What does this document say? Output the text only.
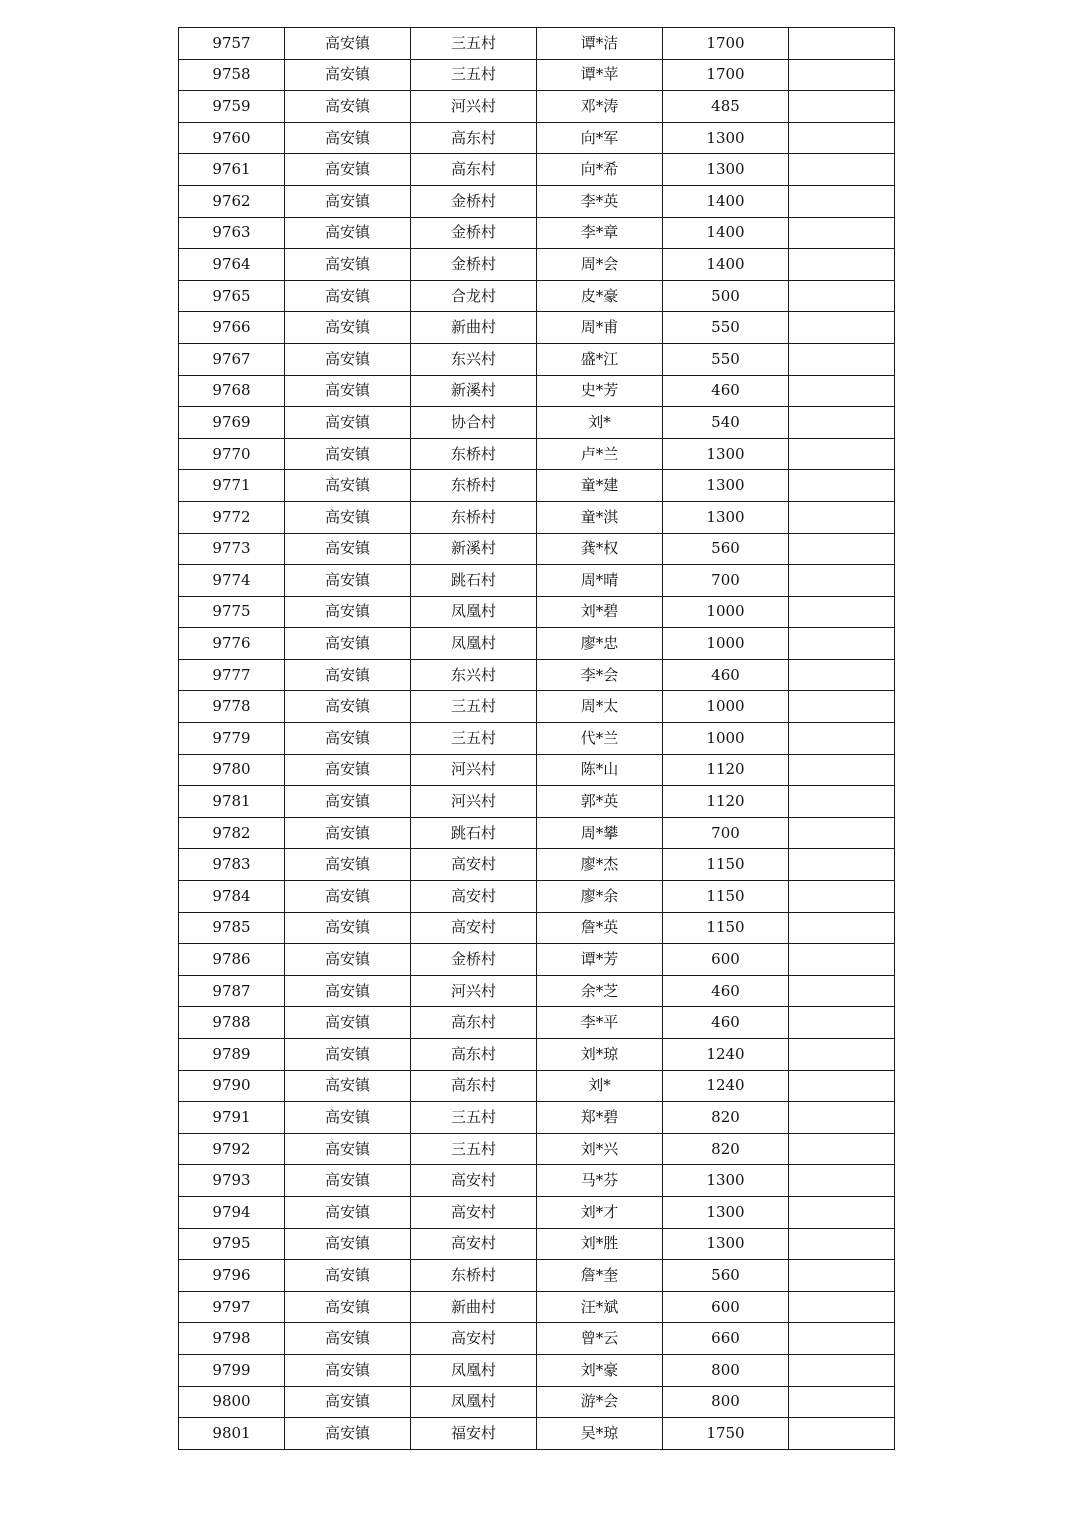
9757	高安镇	三五村	谭*洁	1700	
9758	高安镇	三五村	谭*苹	1700	
9759	高安镇	河兴村	邓*涛	485	
9760	高安镇	高东村	向*军	1300	
9761	高安镇	高东村	向*希	1300	
9762	高安镇	金桥村	李*英	1400	
9763	高安镇	金桥村	李*章	1400	
9764	高安镇	金桥村	周*会	1400	
9765	高安镇	合龙村	皮*豪	500	
9766	高安镇	新曲村	周*甫	550	
9767	高安镇	东兴村	盛*江	550	
9768	高安镇	新溪村	史*芳	460	
9769	高安镇	协合村	刘*	540	
9770	高安镇	东桥村	卢*兰	1300	
9771	高安镇	东桥村	童*建	1300	
9772	高安镇	东桥村	童*淇	1300	
9773	高安镇	新溪村	龚*权	560	
9774	高安镇	跳石村	周*晴	700	
9775	高安镇	凤凰村	刘*碧	1000	
9776	高安镇	凤凰村	廖*忠	1000	
9777	高安镇	东兴村	李*会	460	
9778	高安镇	三五村	周*太	1000	
9779	高安镇	三五村	代*兰	1000	
9780	高安镇	河兴村	陈*山	1120	
9781	高安镇	河兴村	郭*英	1120	
9782	高安镇	跳石村	周*攀	700	
9783	高安镇	高安村	廖*杰	1150	
9784	高安镇	高安村	廖*余	1150	
9785	高安镇	高安村	詹*英	1150	
9786	高安镇	金桥村	谭*芳	600	
9787	高安镇	河兴村	余*芝	460	
9788	高安镇	高东村	李*平	460	
9789	高安镇	高东村	刘*琼	1240	
9790	高安镇	高东村	刘*	1240	
9791	高安镇	三五村	郑*碧	820	
9792	高安镇	三五村	刘*兴	820	
9793	高安镇	高安村	马*芬	1300	
9794	高安镇	高安村	刘*才	1300	
9795	高安镇	高安村	刘*胜	1300	
9796	高安镇	东桥村	詹*奎	560	
9797	高安镇	新曲村	汪*斌	600	
9798	高安镇	高安村	曾*云	660	
9799	高安镇	凤凰村	刘*豪	800	
9800	高安镇	凤凰村	游*会	800	
9801	高安镇	福安村	吴*琼	1750	
